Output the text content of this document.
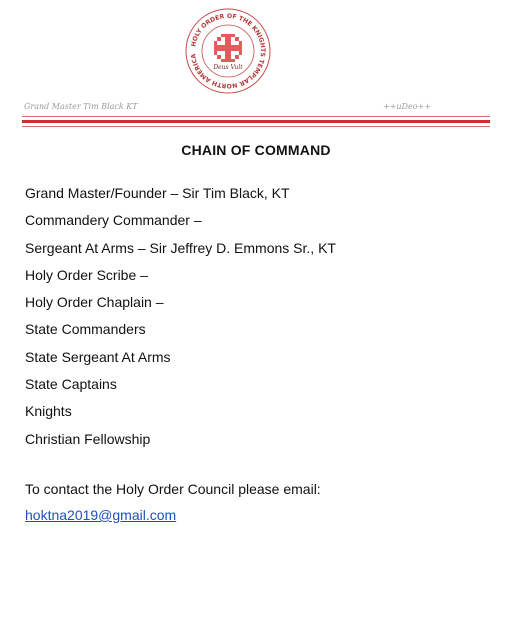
HOLY ORDER OF THE KNIGHTS TEMPLAR NORTH AMERICA
Deus Vult
Grand Master Tim Black KT	++uDeo++
CHAIN OF COMMAND
Grand Master/Founder – Sir Tim Black, KT
Commandery Commander –
Sergeant At Arms – Sir Jeffrey D. Emmons Sr., KT
Holy Order Scribe –
Holy Order Chaplain –
State Commanders
State Sergeant At Arms
State Captains
Knights
Christian Fellowship
To contact the Holy Order Council please email:
hoktna2019@gmail.com
